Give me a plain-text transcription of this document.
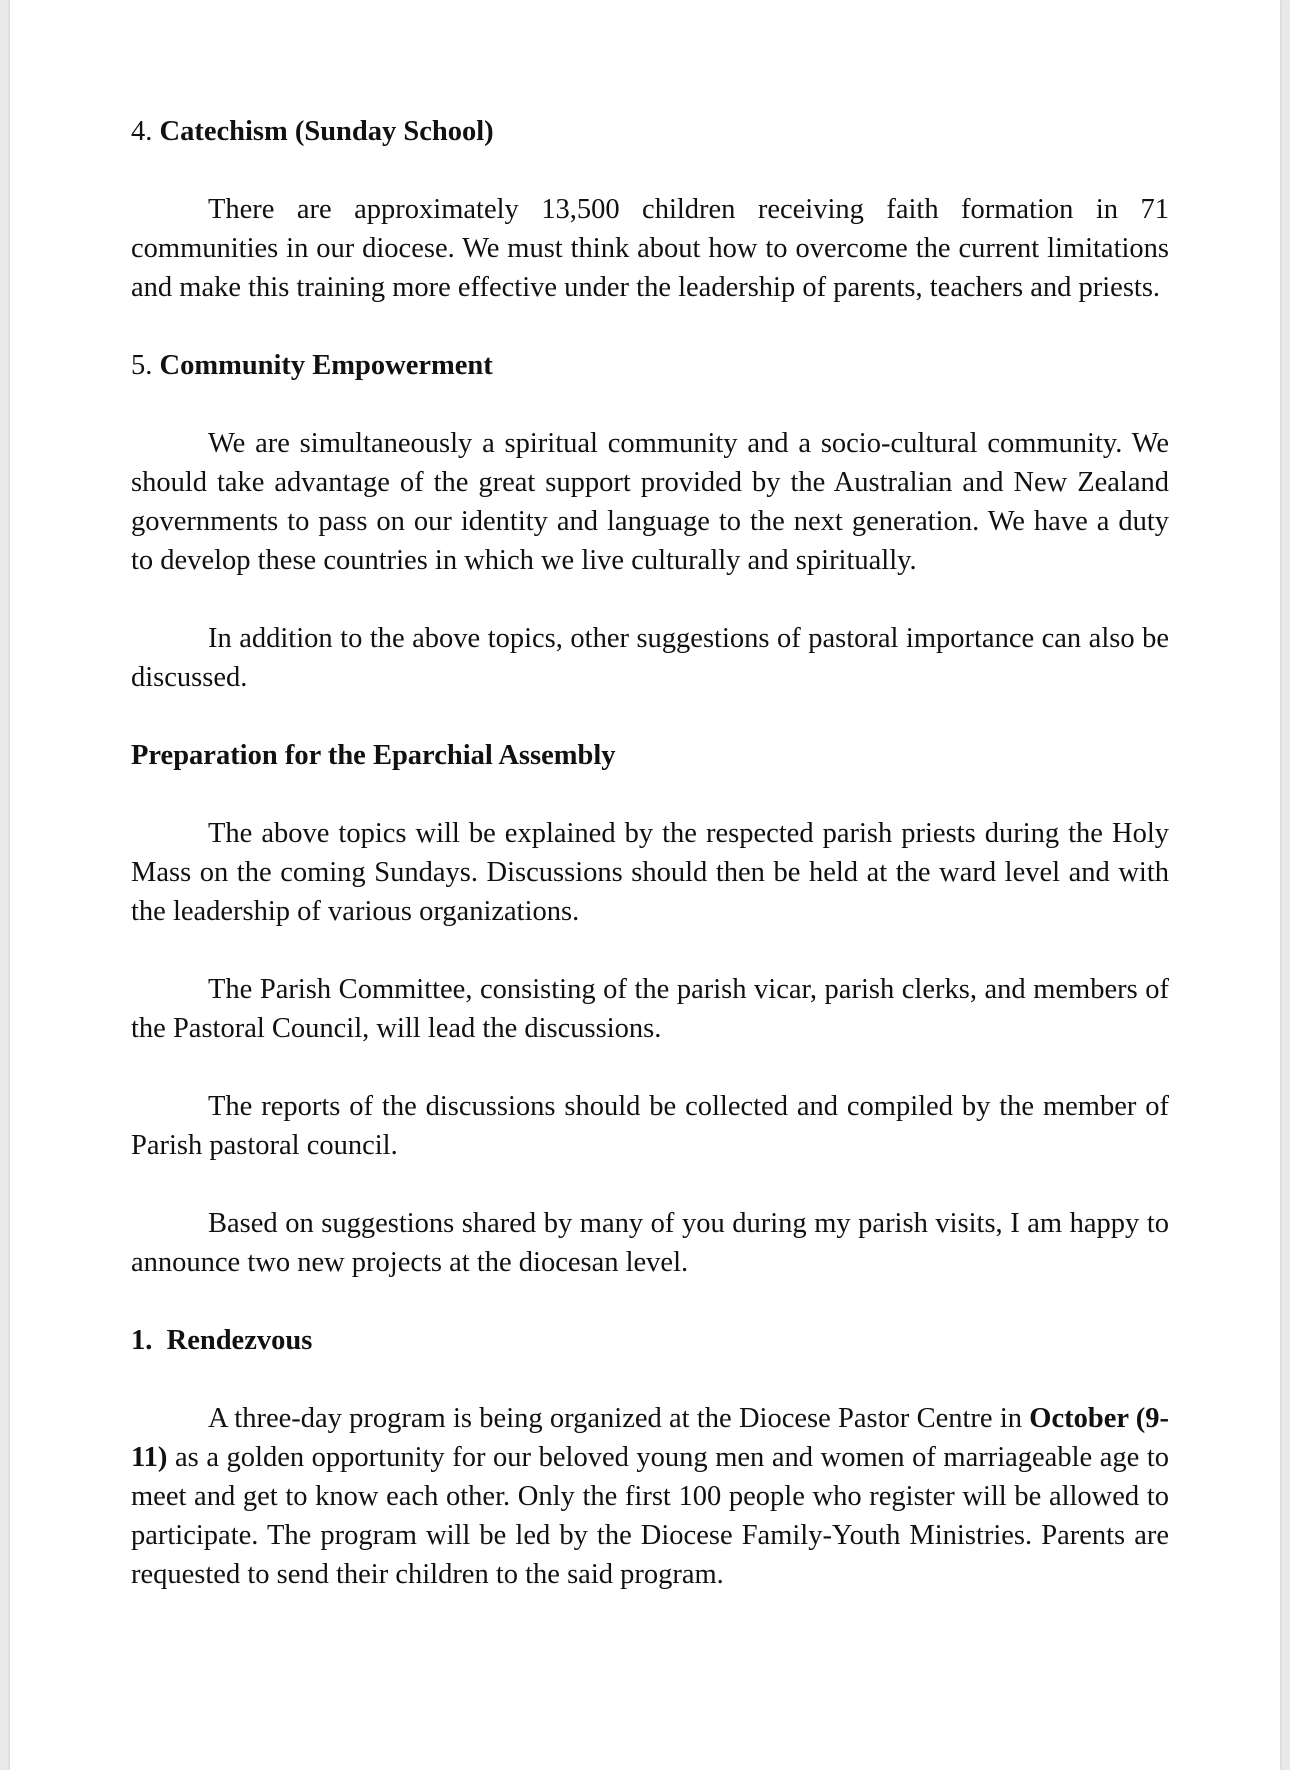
4. Catechism (Sunday School)

There are approximately 13,500 children receiving faith formation in 71 communities in our diocese. We must think about how to overcome the current limitations and make this training more effective under the leadership of parents, teachers and priests.

5. Community Empowerment

We are simultaneously a spiritual community and a socio-cultural community. We should take advantage of the great support provided by the Australian and New Zealand governments to pass on our identity and language to the next generation. We have a duty to develop these countries in which we live culturally and spiritually.

In addition to the above topics, other suggestions of pastoral importance can also be discussed.

Preparation for the Eparchial Assembly

The above topics will be explained by the respected parish priests during the Holy Mass on the coming Sundays. Discussions should then be held at the ward level and with the leadership of various organizations.

The Parish Committee, consisting of the parish vicar, parish clerks, and members of the Pastoral Council, will lead the discussions.

The reports of the discussions should be collected and compiled by the member of Parish pastoral council.

Based on suggestions shared by many of you during my parish visits, I am happy to announce two new projects at the diocesan level.

1.  Rendezvous

A three-day program is being organized at the Diocese Pastor Centre in October (9-11) as a golden opportunity for our beloved young men and women of marriageable age to meet and get to know each other. Only the first 100 people who register will be allowed to participate. The program will be led by the Diocese Family-Youth Ministries. Parents are requested to send their children to the said program.
